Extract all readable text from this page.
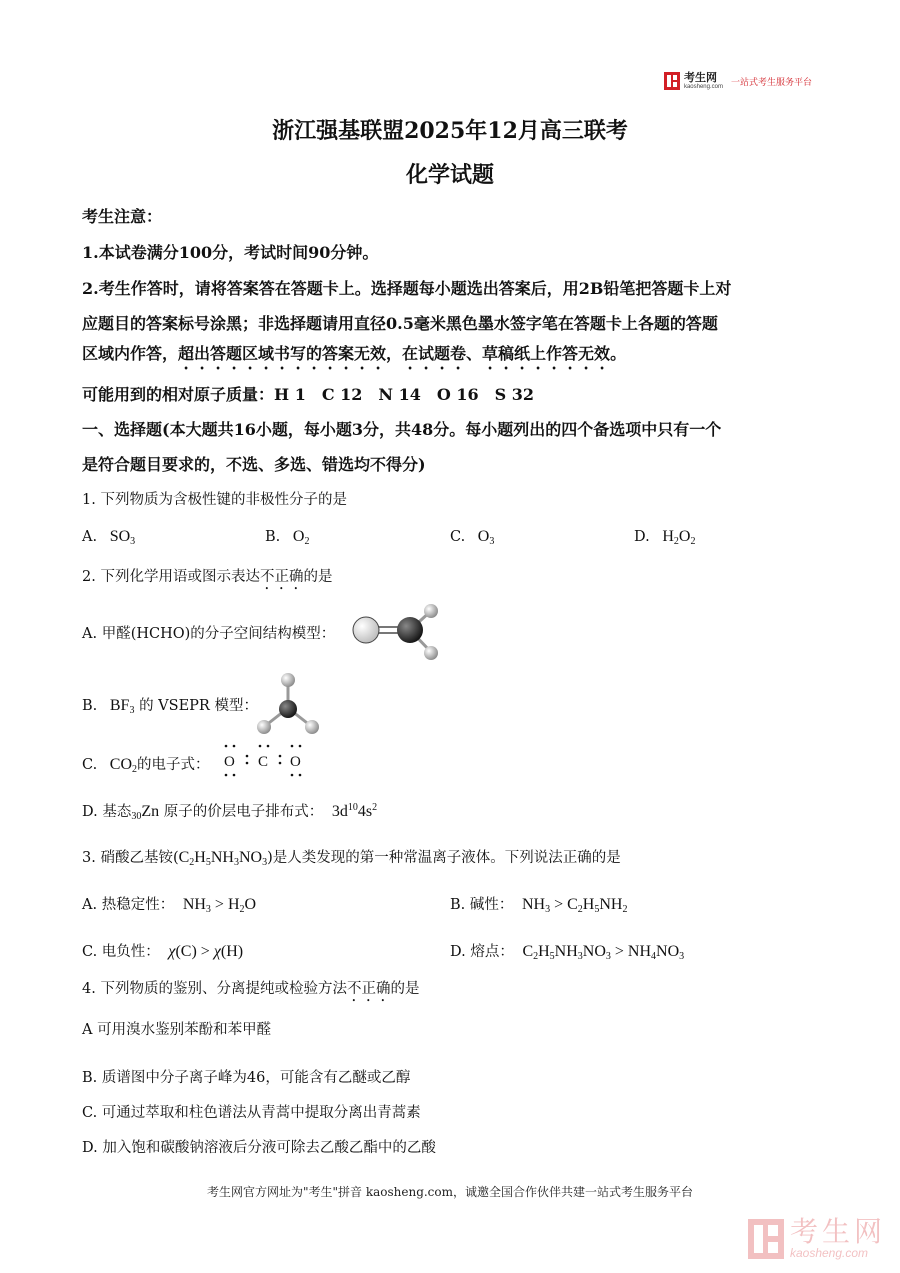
考生网
kaosheng.com 一站式考生服务平台
浙江强基联盟2025年12月高三联考
化学试题
考生注意：
1.本试卷满分100分，考试时间90分钟。
2.考生作答时，请将答案答在答题卡上。选择题每小题选出答案后，用2B铅笔把答题卡上对
应题目的答案标号涂黑；非选择题请用直径0.5毫米黑色墨水签字笔在答题卡上各题的答题
区域内作答，超出答题区域书写的答案无效，在试题卷、草稿纸上作答无效。
可能用到的相对原子质量：H 1　C 12　N 14　O 16　S 32
一、选择题(本大题共16小题，每小题3分，共48分。每小题列出的四个备选项中只有一个
是符合题目要求的，不选、多选、错选均不得分)
1. 下列物质为含极性键的非极性分子的是
A. $SO_3$	B. $O_2$	C. $O_3$	D. $H_2O_2$
2. 下列化学用语或图示表达不正确的是
A. 甲醛(HCHO)的分子空间结构模型：
B. $BF_3$ 的 VSEPR 模型：
C. $CO_2$的电子式： O C O
D. 基态$_{30}$Zn 原子的价层电子排布式： $3d^{10}4s^2$
3. 硝酸乙基铵$(C_2H_5NH_3NO_3)$是人类发现的第一种常温离子液体。下列说法正确的是
A. 热稳定性： $NH_3 > H_2O$	B. 碱性： $NH_3 > C_2H_5NH_2$
C. 电负性： χ(C) > χ(H)	D. 熔点： $C_2H_5NH_3NO_3 > NH_4NO_3$
4. 下列物质的鉴别、分离提纯或检验方法不正确的是
A 可用溴水鉴别苯酚和苯甲醛
B. 质谱图中分子离子峰为46，可能含有乙醚或乙醇
C. 可通过萃取和柱色谱法从青蒿中提取分离出青蒿素
D. 加入饱和碳酸钠溶液后分液可除去乙酸乙酯中的乙酸
考生网官方网址为"考生"拼音 kaosheng.com，诚邀全国合作伙伴共建一站式考生服务平台
考生网
kaosheng.com
